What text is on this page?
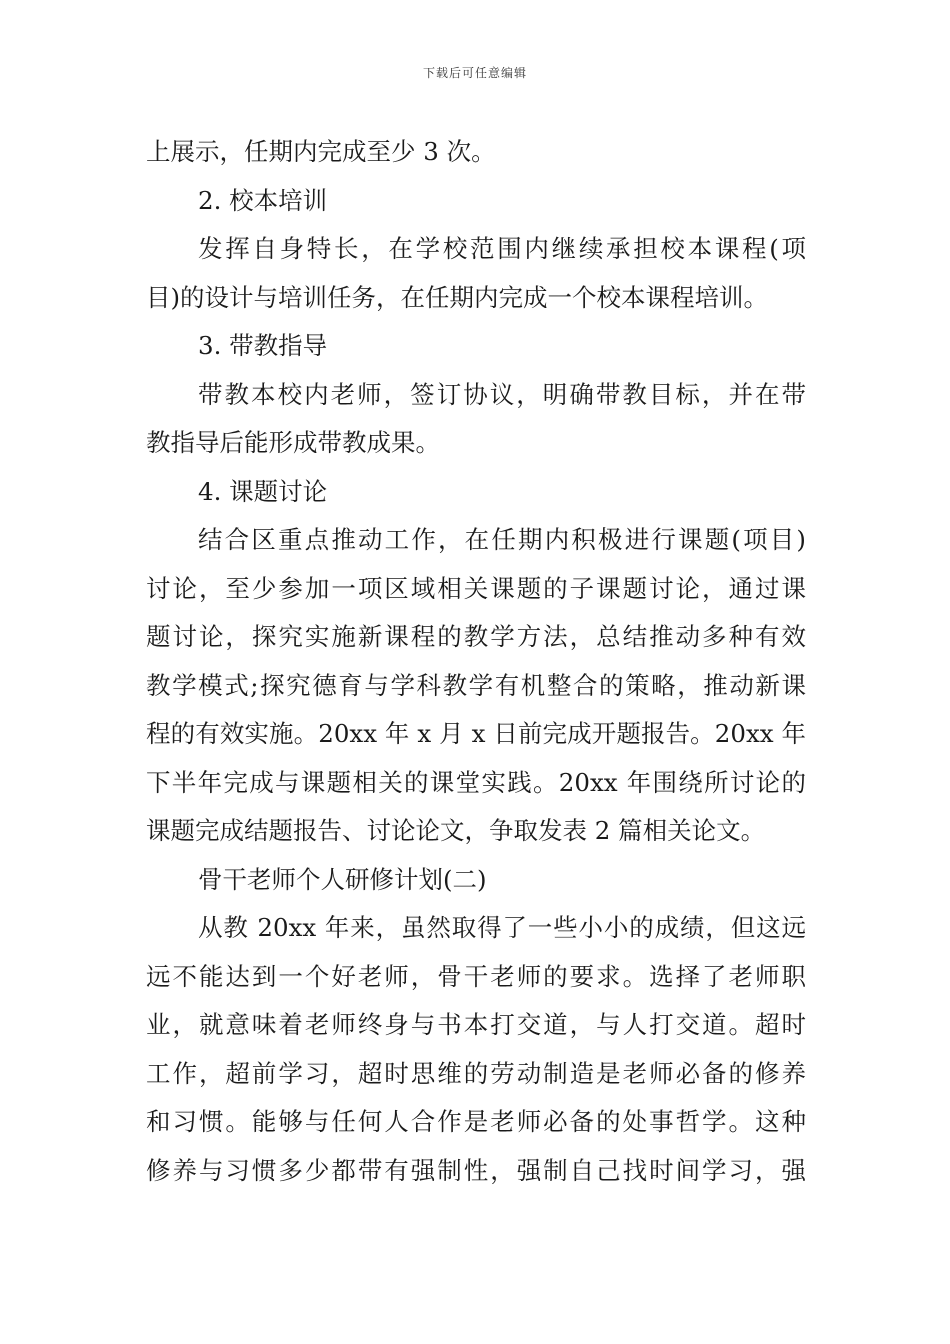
下载后可任意编辑
上展示，任期内完成至少 3 次。
2. 校本培训
发挥自身特长，在学校范围内继续承担校本课程(项
目)的设计与培训任务，在任期内完成一个校本课程培训。
3. 带教指导
带教本校内老师，签订协议，明确带教目标，并在带
教指导后能形成带教成果。
4. 课题讨论
结合区重点推动工作，在任期内积极进行课题(项目)
讨论，至少参加一项区域相关课题的子课题讨论，通过课
题讨论，探究实施新课程的教学方法，总结推动多种有效
教学模式;探究德育与学科教学有机整合的策略，推动新课
程的有效实施。20xx 年 x 月 x 日前完成开题报告。20xx 年
下半年完成与课题相关的课堂实践。20xx 年围绕所讨论的
课题完成结题报告、讨论论文，争取发表 2 篇相关论文。
骨干老师个人研修计划(二)
从教 20xx 年来，虽然取得了一些小小的成绩，但这远
远不能达到一个好老师，骨干老师的要求。选择了老师职
业，就意味着老师终身与书本打交道，与人打交道。超时
工作，超前学习，超时思维的劳动制造是老师必备的修养
和习惯。能够与任何人合作是老师必备的处事哲学。这种
修养与习惯多少都带有强制性，强制自己找时间学习，强
